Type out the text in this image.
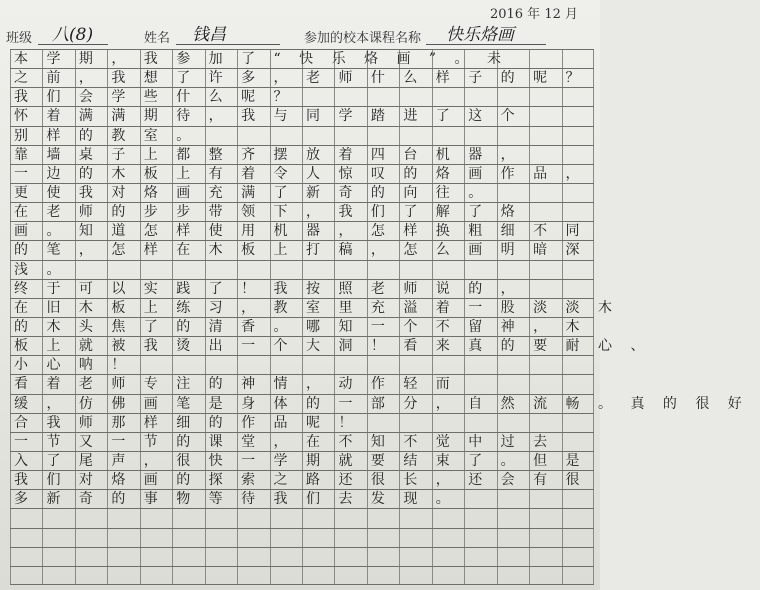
2016 年 12 月
班级 八(8)	姓名 钱昌	参加的校本课程名称 快乐烙画
本学期，我参加了“快乐烙画”。未
之前，我想了许多，老师什么样子的呢？
我们会学些什么呢？
怀着满满期待，我与同学踏进了这个
别样的教室。
靠墙桌子上都整齐摆放着四台机器，
一边的木板上有着令人惊叹的烙画作品，
更使我对烙画充满了新奇的向往。
在老师的步步带领下，我们了解了烙
画。知道怎样使用机器，怎样换粗细不同
的笔，怎样在木板上打稿，怎么画明暗深
浅。
终于可以实践了！我按照老师说的，
在旧木板上练习，教室里充溢着一股淡淡木
的木头焦了的清香。哪知一个不留神，木
板上就被我烫出一个大洞！看来真的要耐心、
小心呐！
看着老师专注的神情，动作轻而
缓，仿佛画笔是身体的一部分，自然流畅。真的很好
合我师那样细的作品呢！
一节又一节的课堂，在不知不觉中过去
入了尾声，很快一学期就要结束了。但是
我们对烙画的探索之路还很长，还会有很
多新奇的事物等待我们去发现。
